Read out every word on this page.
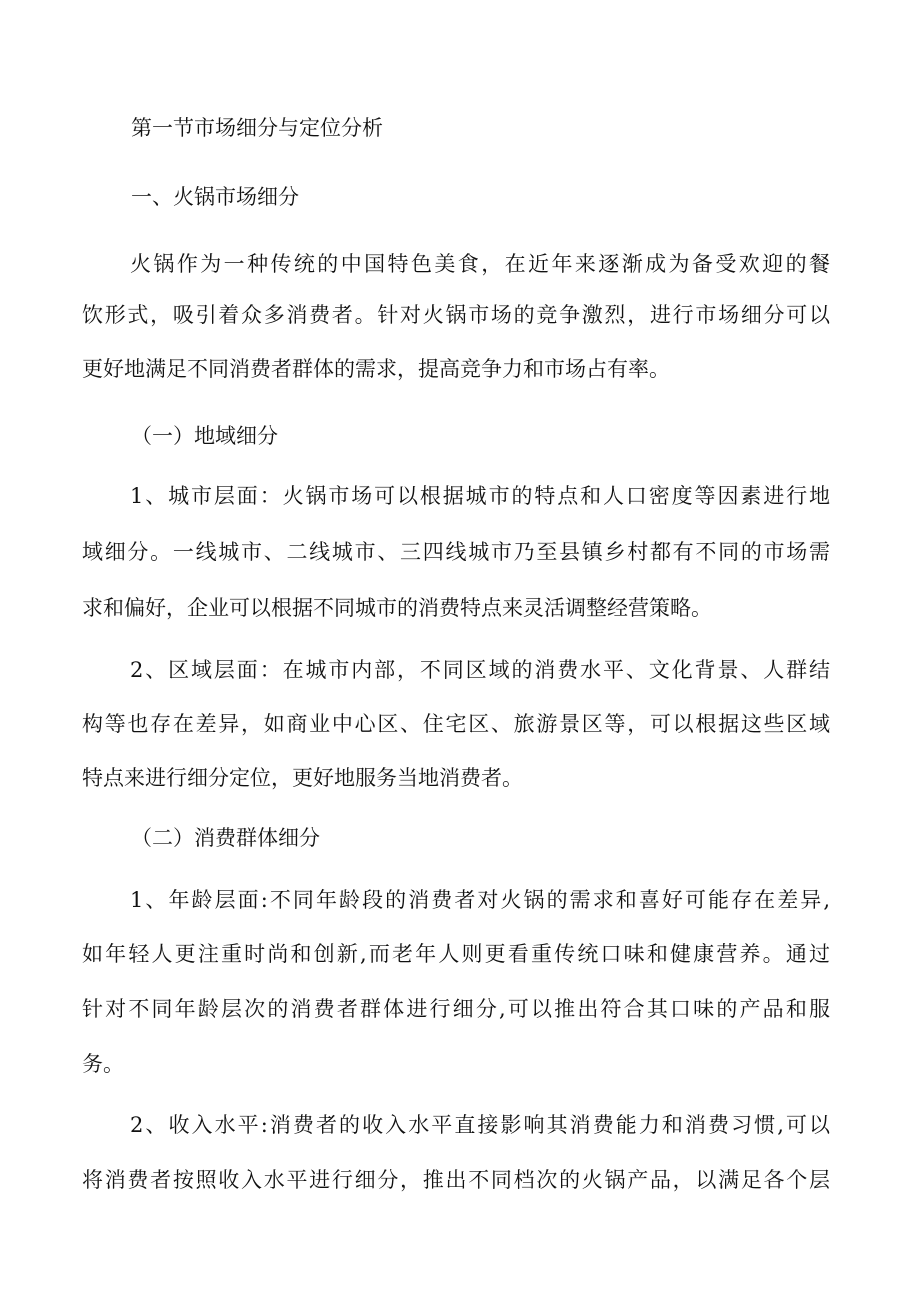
第一节市场细分与定位分析
一、火锅市场细分
火锅作为一种传统的中国特色美食，在近年来逐渐成为备受欢迎的餐
饮形式，吸引着众多消费者。针对火锅市场的竞争激烈，进行市场细分可以
更好地满足不同消费者群体的需求，提高竞争力和市场占有率。
（一）地域细分
1、城市层面：火锅市场可以根据城市的特点和人口密度等因素进行地
域细分。一线城市、二线城市、三四线城市乃至县镇乡村都有不同的市场需
求和偏好，企业可以根据不同城市的消费特点来灵活调整经营策略。
2、区域层面：在城市内部，不同区域的消费水平、文化背景、人群结
构等也存在差异，如商业中心区、住宅区、旅游景区等，可以根据这些区域
特点来进行细分定位，更好地服务当地消费者。
（二）消费群体细分
1、年龄层面:不同年龄段的消费者对火锅的需求和喜好可能存在差异,
如年轻人更注重时尚和创新,而老年人则更看重传统口味和健康营养。通过
针对不同年龄层次的消费者群体进行细分,可以推出符合其口味的产品和服
务。
2、收入水平:消费者的收入水平直接影响其消费能力和消费习惯,可以
将消费者按照收入水平进行细分，推出不同档次的火锅产品，以满足各个层
